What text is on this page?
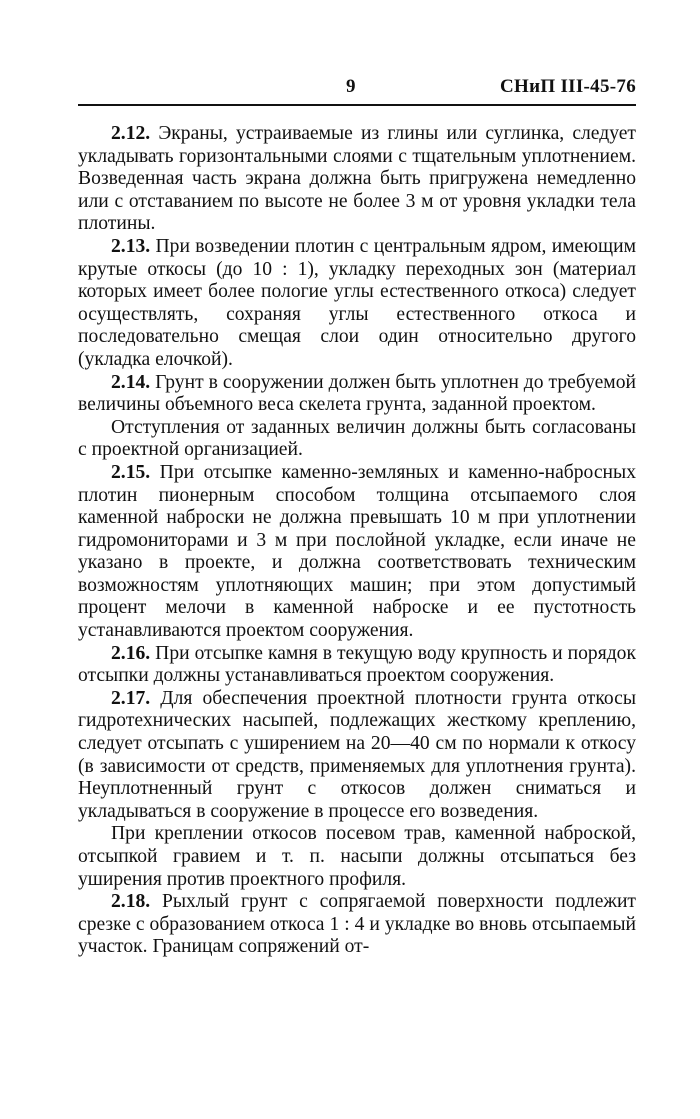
9	СНиП III-45-76

2.12. Экраны, устраиваемые из глины или суглинка, следует укладывать горизонтальными слоями с тщательным уплотнением. Возведенная часть экрана должна быть пригружена немедленно или с отставанием по высоте не более 3 м от уровня укладки тела плотины.

2.13. При возведении плотин с центральным ядром, имеющим крутые откосы (до 10 : 1), укладку переходных зон (материал которых имеет более пологие углы естественного откоса) следует осуществлять, сохраняя углы естественного откоса и последовательно смещая слои один относительно другого (укладка елочкой).

2.14. Грунт в сооружении должен быть уплотнен до требуемой величины объемного веса скелета грунта, заданной проектом.

Отступления от заданных величин должны быть согласованы с проектной организацией.

2.15. При отсыпке каменно-земляных и каменно-набросных плотин пионерным способом толщина отсыпаемого слоя каменной наброски не должна превышать 10 м при уплотнении гидромониторами и 3 м при послойной укладке, если иначе не указано в проекте, и должна соответствовать техническим возможностям уплотняющих машин; при этом допустимый процент мелочи в каменной наброске и ее пустотность устанавливаются проектом сооружения.

2.16. При отсыпке камня в текущую воду крупность и порядок отсыпки должны устанавливаться проектом сооружения.

2.17. Для обеспечения проектной плотности грунта откосы гидротехнических насыпей, подлежащих жесткому креплению, следует отсыпать с уширением на 20—40 см по нормали к откосу (в зависимости от средств, применяемых для уплотнения грунта). Неуплотненный грунт с откосов должен сниматься и укладываться в сооружение в процессе его возведения.

При креплении откосов посевом трав, каменной наброской, отсыпкой гравием и т. п. насыпи должны отсыпаться без уширения против проектного профиля.

2.18. Рыхлый грунт с сопрягаемой поверхности подлежит срезке с образованием откоса 1 : 4 и укладке во вновь отсыпаемый участок. Границам сопряжений от-
